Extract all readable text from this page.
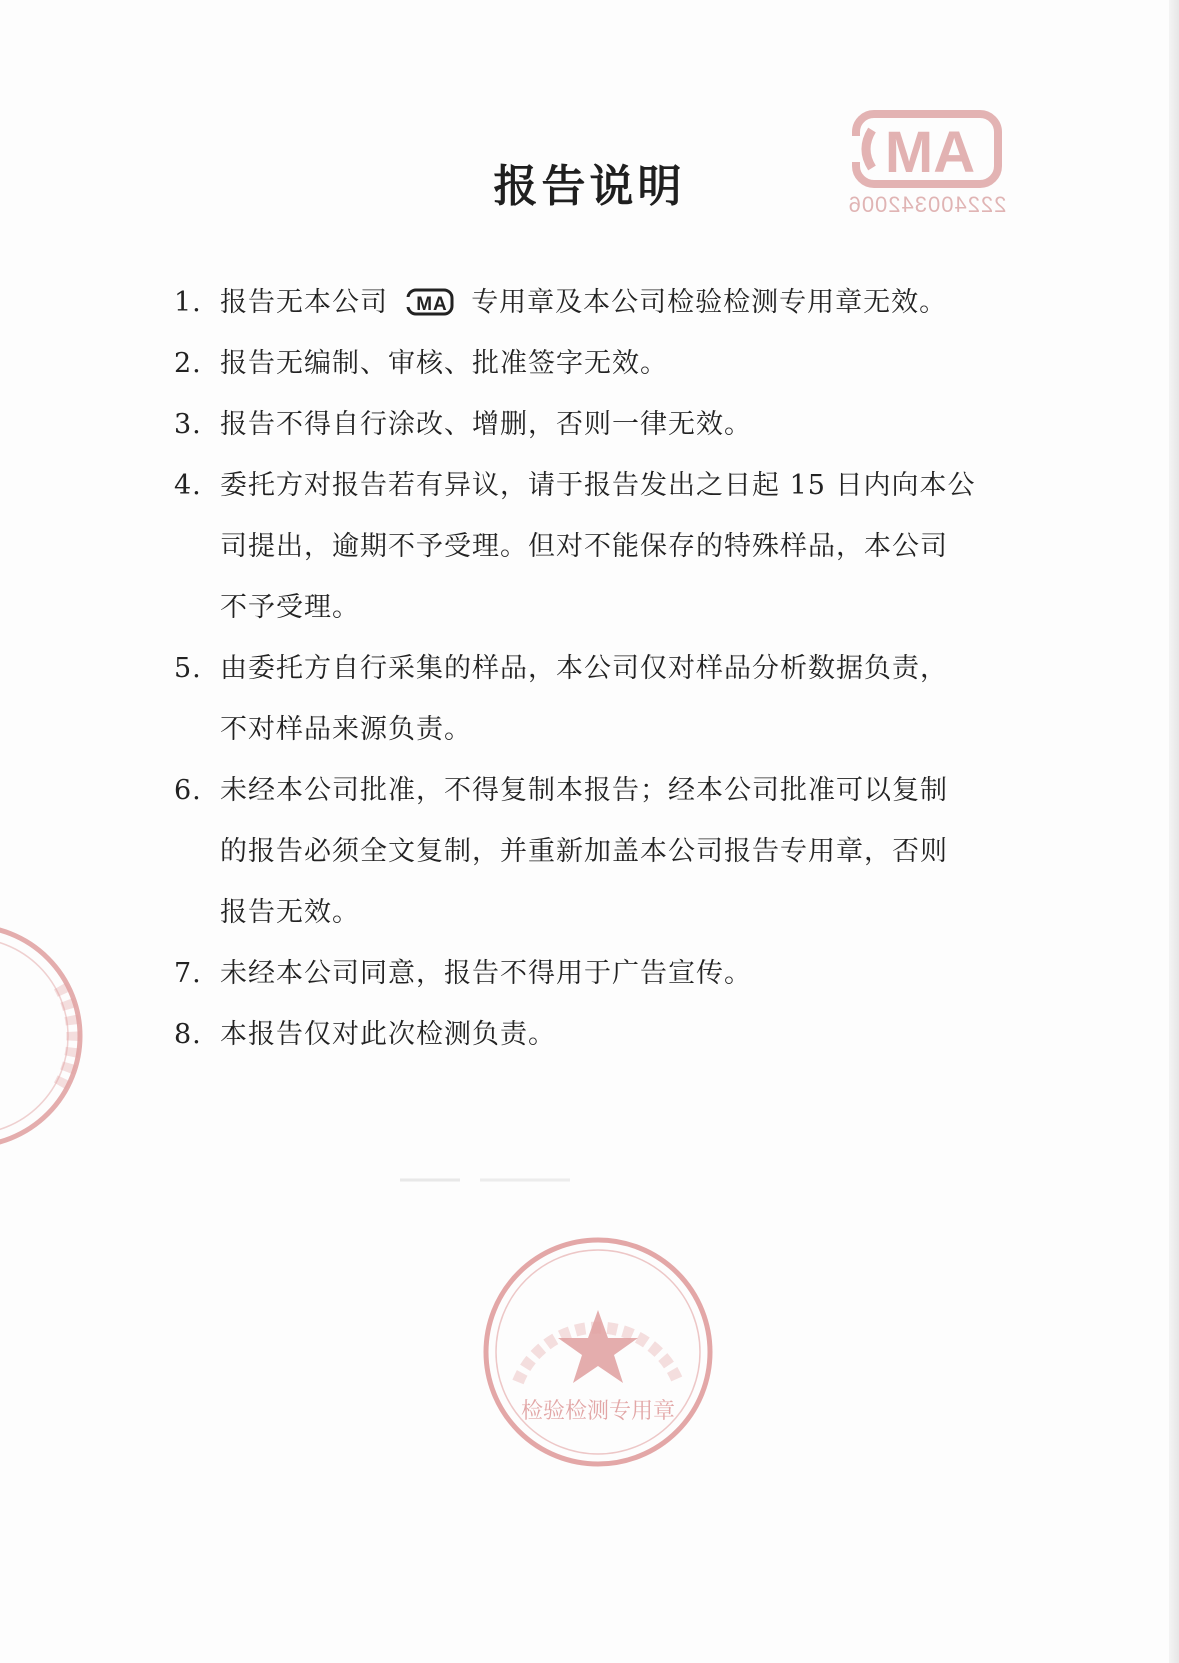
MA
222400342006
报告说明
1. 报告无本公司 MA 专用章及本公司检验检测专用章无效。
2. 报告无编制、审核、批准签字无效。
3. 报告不得自行涂改、增删，否则一律无效。
4. 委托方对报告若有异议，请于报告发出之日起 15 日内向本公
司提出，逾期不予受理。但对不能保存的特殊样品，本公司
不予受理。
5. 由委托方自行采集的样品，本公司仅对样品分析数据负责，
不对样品来源负责。
6. 未经本公司批准，不得复制本报告；经本公司批准可以复制
的报告必须全文复制，并重新加盖本公司报告专用章，否则
报告无效。
7. 未经本公司同意，报告不得用于广告宣传。
8. 本报告仅对此次检测负责。
检验检测专用章
